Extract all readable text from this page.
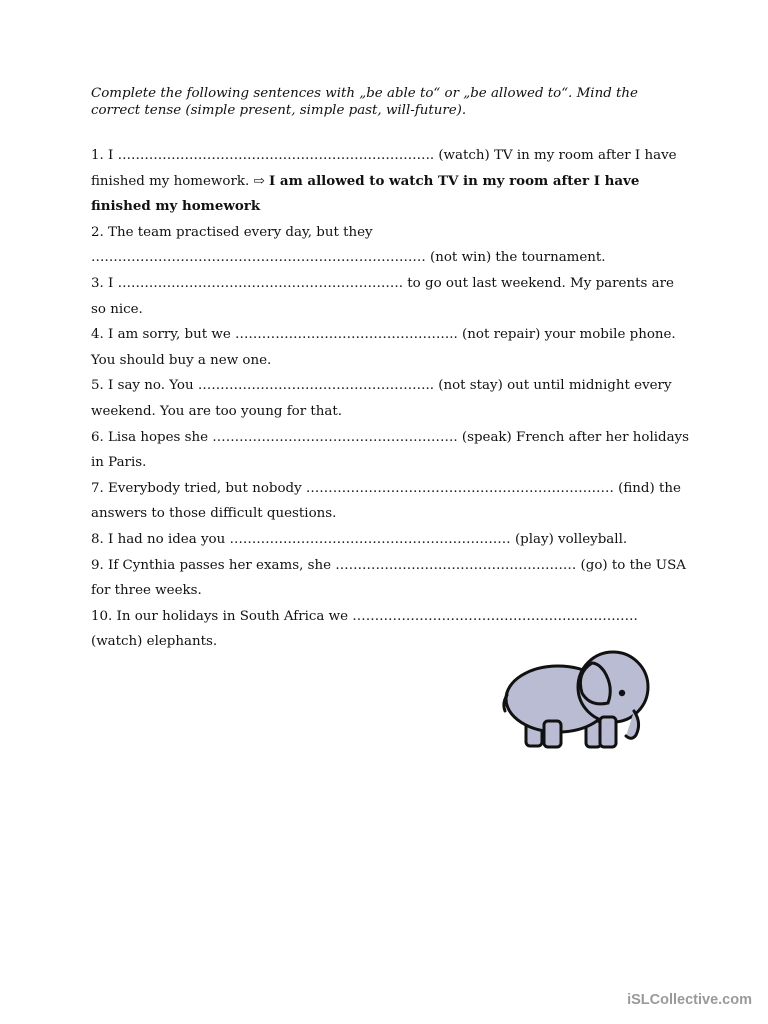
Complete the following sentences with „be able to“ or „be allowed to“. Mind the correct tense (simple present, simple past, will-future).

1. I …………………………………………………………….. (watch) TV in my room after I have finished my homework. ⇨ I am allowed to watch TV in my room after I have finished my homework

2. The team practised every day, but they ………………………………………………………………… (not win) the tournament.

3. I ………………………………………………………. to go out last weekend. My parents are so nice.

4. I am sorry, but we ………………………………………….. (not repair) your mobile phone. You should buy a new one.

5. I say no. You …………………………………………….. (not stay) out until midnight every weekend. You are too young for that.

6. Lisa hopes she ………………………………………………. (speak) French after her holidays in Paris.

7. Everybody tried, but nobody …………………………………………………………… (find) the answers to those difficult questions.

8. I had no idea you ……………………………………………………… (play) volleyball.

9. If Cynthia passes her exams, she ……………………………………………… (go) to the USA for three weeks.

10. In our holidays in South Africa we ………………………………………………………. (watch) elephants.

iSLCollective.com
